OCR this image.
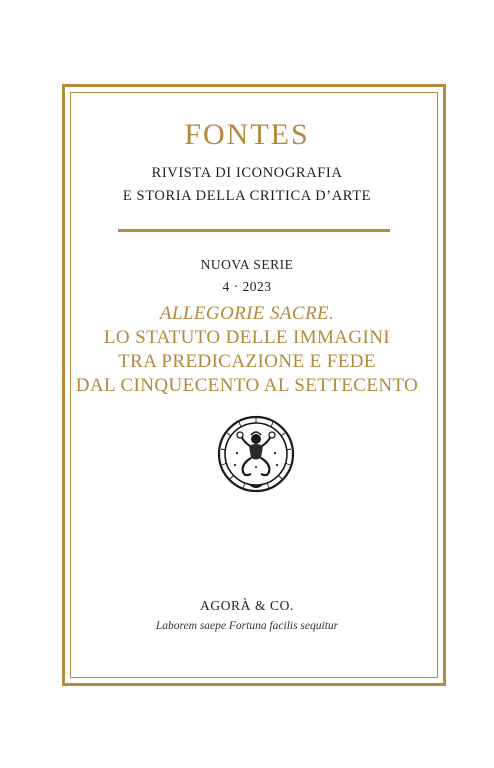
FONTES
RIVISTA DI ICONOGRAFIA
E STORIA DELLA CRITICA D’ARTE
NUOVA SERIE
4 · 2023
ALLEGORIE SACRE.
LO STATUTO DELLE IMMAGINI
TRA PREDICAZIONE E FEDE
DAL CINQUECENTO AL SETTECENTO
AGORÀ & CO.
Laborem saepe Fortuna facilis sequitur
